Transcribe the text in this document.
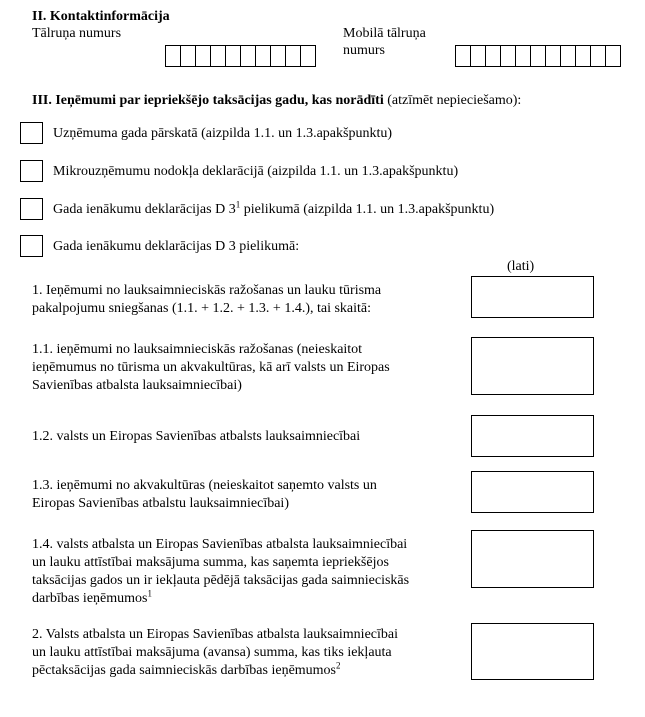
II. Kontaktinformācija
Tālruņa numurs	Mobilā tālruņa
numurs
III. Ieņēmumi par iepriekšējo taksācijas gadu, kas norādīti (atzīmēt nepieciešamo):
Uzņēmuma gada pārskatā (aizpilda 1.1. un 1.3.apakšpunktu)
Mikrouzņēmumu nodokļa deklarācijā (aizpilda 1.1. un 1.3.apakšpunktu)
Gada ienākumu deklarācijas D $3^1$ pielikumā (aizpilda 1.1. un 1.3.apakšpunktu)
Gada ienākumu deklarācijas D 3 pielikumā:
(lati)
1. Ieņēmumi no lauksaimnieciskās ražošanas un lauku tūrisma
pakalpojumu sniegšanas (1.1. + 1.2. + 1.3. + 1.4.), tai skaitā:
1.1. ieņēmumi no lauksaimnieciskās ražošanas (neieskaitot
ieņēmumus no tūrisma un akvakultūras, kā arī valsts un Eiropas
Savienības atbalsta lauksaimniecībai)
1.2. valsts un Eiropas Savienības atbalsts lauksaimniecībai
1.3. ieņēmumi no akvakultūras (neieskaitot saņemto valsts un
Eiropas Savienības atbalstu lauksaimniecībai)
1.4. valsts atbalsta un Eiropas Savienības atbalsta lauksaimniecībai
un lauku attīstībai maksājuma summa, kas saņemta iepriekšējos
taksācijas gados un ir iekļauta pēdējā taksācijas gada saimnieciskās
darbības ieņēmumos$^1$
2. Valsts atbalsta un Eiropas Savienības atbalsta lauksaimniecībai
un lauku attīstībai maksājuma (avansa) summa, kas tiks iekļauta
pēctaksācijas gada saimnieciskās darbības ieņēmumos$^2$
